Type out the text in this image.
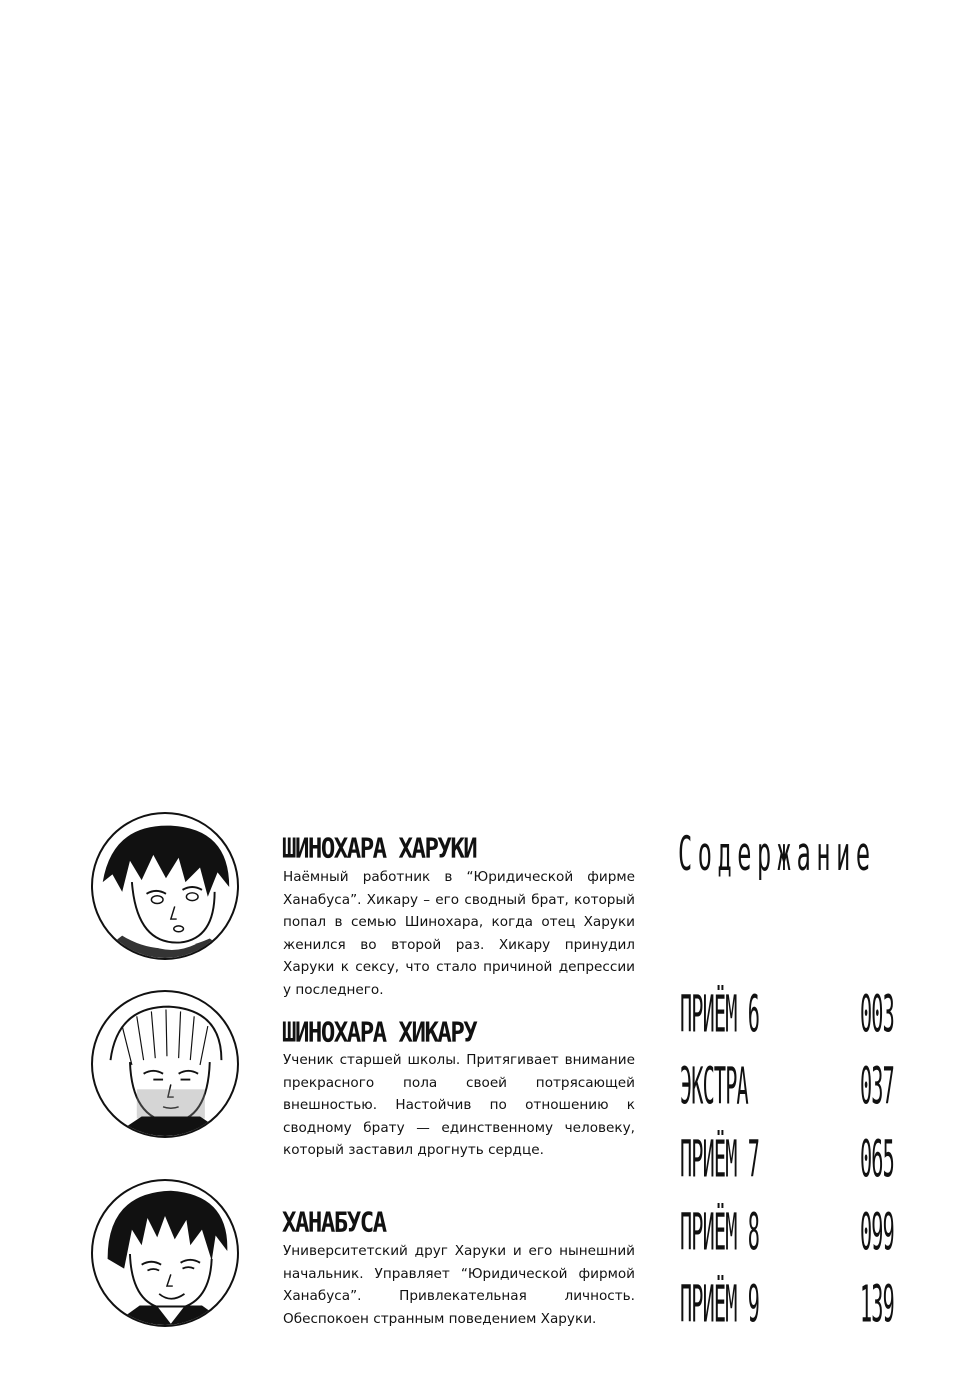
ШИНОХАРА ХАРУКИ

Наёмный работник в “Юридической фирме Ханабуса”. Хикару – его сводный брат, который попал в семью Шинохара, когда отец Харуки женился во второй раз. Хикару принудил Харуки к сексу, что стало причиной депрессии у последнего.

ШИНОХАРА ХИКАРУ

Ученик старшей школы. Притягивает внимание прекрасного пола своей потрясающей внешностью. Настойчив по отношению к сводному брату — единственному человеку, который заставил дрогнуть сердце.

ХАНАБУСА

Университетский друг Харуки и его нынешний начальник. Управляет “Юридической фирмой Ханабуса”. Привлекательная личность. Обеспокоен странным поведением Харуки.

Содержание
ПРИЁМ 6 003
ЭКСТРА 037
ПРИЁМ 7 065
ПРИЁМ 8 099
ПРИЁМ 9 139
